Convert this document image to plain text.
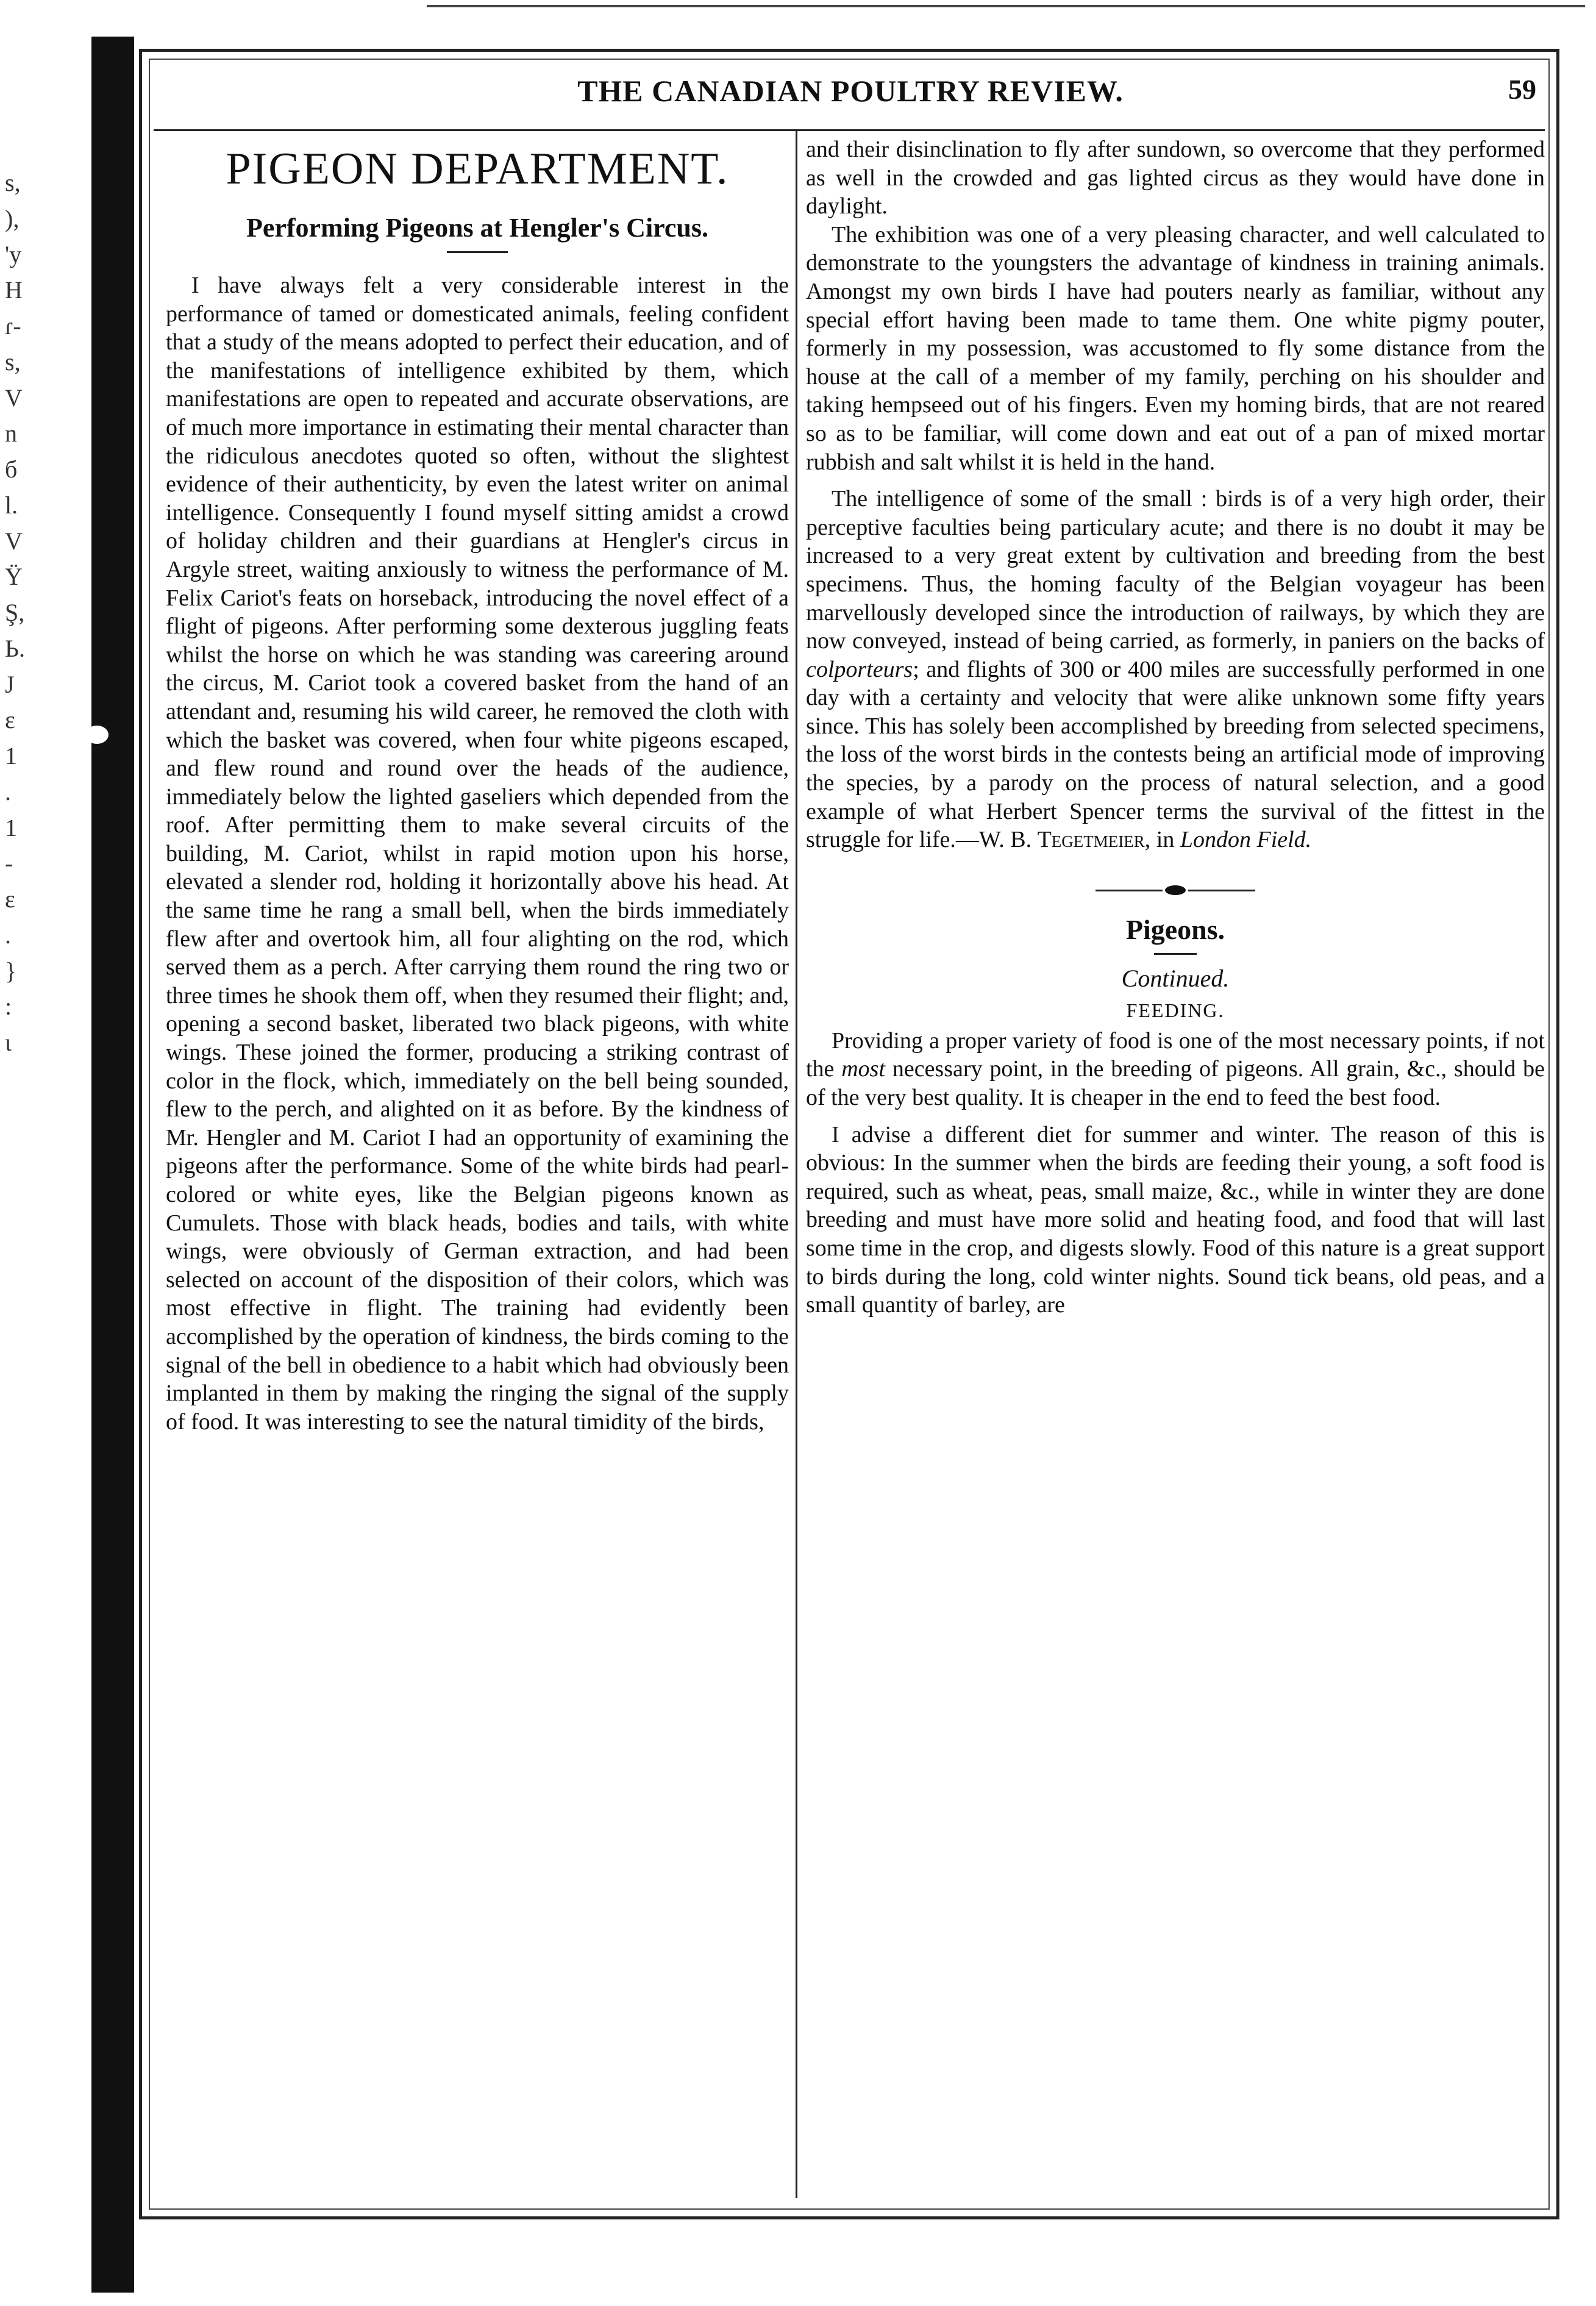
s,
),
'y
H
ɾ-
s,
V
n
б
l.
V
Ÿ
Ş,
Ь.
J
ɛ
1
.
1
-
ɛ
.
}
:
ɩ
THE CANADIAN POULTRY REVIEW.	59
PIGEON DEPARTMENT.
Performing Pigeons at Hengler's Circus.

I have always felt a very considerable interest in the performance of tamed or domesticated animals, feeling confident that a study of the means adopted to perfect their education, and of the manifestations of intelligence exhibited by them, which manifestations are open to repeated and accurate observations, are of much more importance in estimating their mental character than the ridiculous anecdotes quoted so often, without the slightest evidence of their authenticity, by even the latest writer on animal intelligence. Consequently I found myself sitting amidst a crowd of holiday children and their guardians at Hengler's circus in Argyle street, waiting anxiously to witness the performance of M. Felix Cariot's feats on horseback, introducing the novel effect of a flight of pigeons. After performing some dexterous juggling feats whilst the horse on which he was standing was careering around the circus, M. Cariot took a covered basket from the hand of an attendant and, resuming his wild career, he removed the cloth with which the basket was covered, when four white pigeons escaped, and flew round and round over the heads of the audience, immediately below the lighted gaseliers which depended from the roof. After permitting them to make several circuits of the building, M. Cariot, whilst in rapid motion upon his horse, elevated a slender rod, holding it horizontally above his head. At the same time he rang a small bell, when the birds immediately flew after and overtook him, all four alighting on the rod, which served them as a perch. After carrying them round the ring two or three times he shook them off, when they resumed their flight; and, opening a second basket, liberated two black pigeons, with white wings. These joined the former, producing a striking contrast of color in the flock, which, immediately on the bell being sounded, flew to the perch, and alighted on it as before. By the kindness of Mr. Hengler and M. Cariot I had an opportunity of examining the pigeons after the performance. Some of the white birds had pearl-colored or white eyes, like the Belgian pigeons known as Cumulets. Those with black heads, bodies and tails, with white wings, were obviously of German extraction, and had been selected on account of the disposition of their colors, which was most effective in flight. The training had evidently been accomplished by the operation of kindness, the birds coming to the signal of the bell in obedience to a habit which had obviously been implanted in them by making the ringing the signal of the supply of food. It was interesting to see the natural timidity of the birds,

and their disinclination to fly after sundown, so overcome that they performed as well in the crowded and gas lighted circus as they would have done in daylight.

The exhibition was one of a very pleasing character, and well calculated to demonstrate to the youngsters the advantage of kindness in training animals. Amongst my own birds I have had pouters nearly as familiar, without any special effort having been made to tame them. One white pigmy pouter, formerly in my possession, was accustomed to fly some distance from the house at the call of a member of my family, perching on his shoulder and taking hempseed out of his fingers. Even my homing birds, that are not reared so as to be familiar, will come down and eat out of a pan of mixed mortar rubbish and salt whilst it is held in the hand.

The intelligence of some of the small : birds is of a very high order, their perceptive faculties being particulary acute; and there is no doubt it may be increased to a very great extent by cultivation and breeding from the best specimens. Thus, the homing faculty of the Belgian voyageur has been marvellously developed since the introduction of railways, by which they are now conveyed, instead of being carried, as formerly, in paniers on the backs of colporteurs; and flights of 300 or 400 miles are successfully performed in one day with a certainty and velocity that were alike unknown some fifty years since. This has solely been accomplished by breeding from selected specimens, the loss of the worst birds in the contests being an artificial mode of improving the species, by a parody on the process of natural selection, and a good example of what Herbert Spencer terms the survival of the fittest in the struggle for life.—W. B. Tegetmeier, in London Field.

Pigeons.
Continued.
FEEDING.

Providing a proper variety of food is one of the most necessary points, if not the most necessary point, in the breeding of pigeons. All grain, &c., should be of the very best quality. It is cheaper in the end to feed the best food.

I advise a different diet for summer and winter. The reason of this is obvious: In the summer when the birds are feeding their young, a soft food is required, such as wheat, peas, small maize, &c., while in winter they are done breeding and must have more solid and heating food, and food that will last some time in the crop, and digests slowly. Food of this nature is a great support to birds during the long, cold winter nights. Sound tick beans, old peas, and a small quantity of barley, are
